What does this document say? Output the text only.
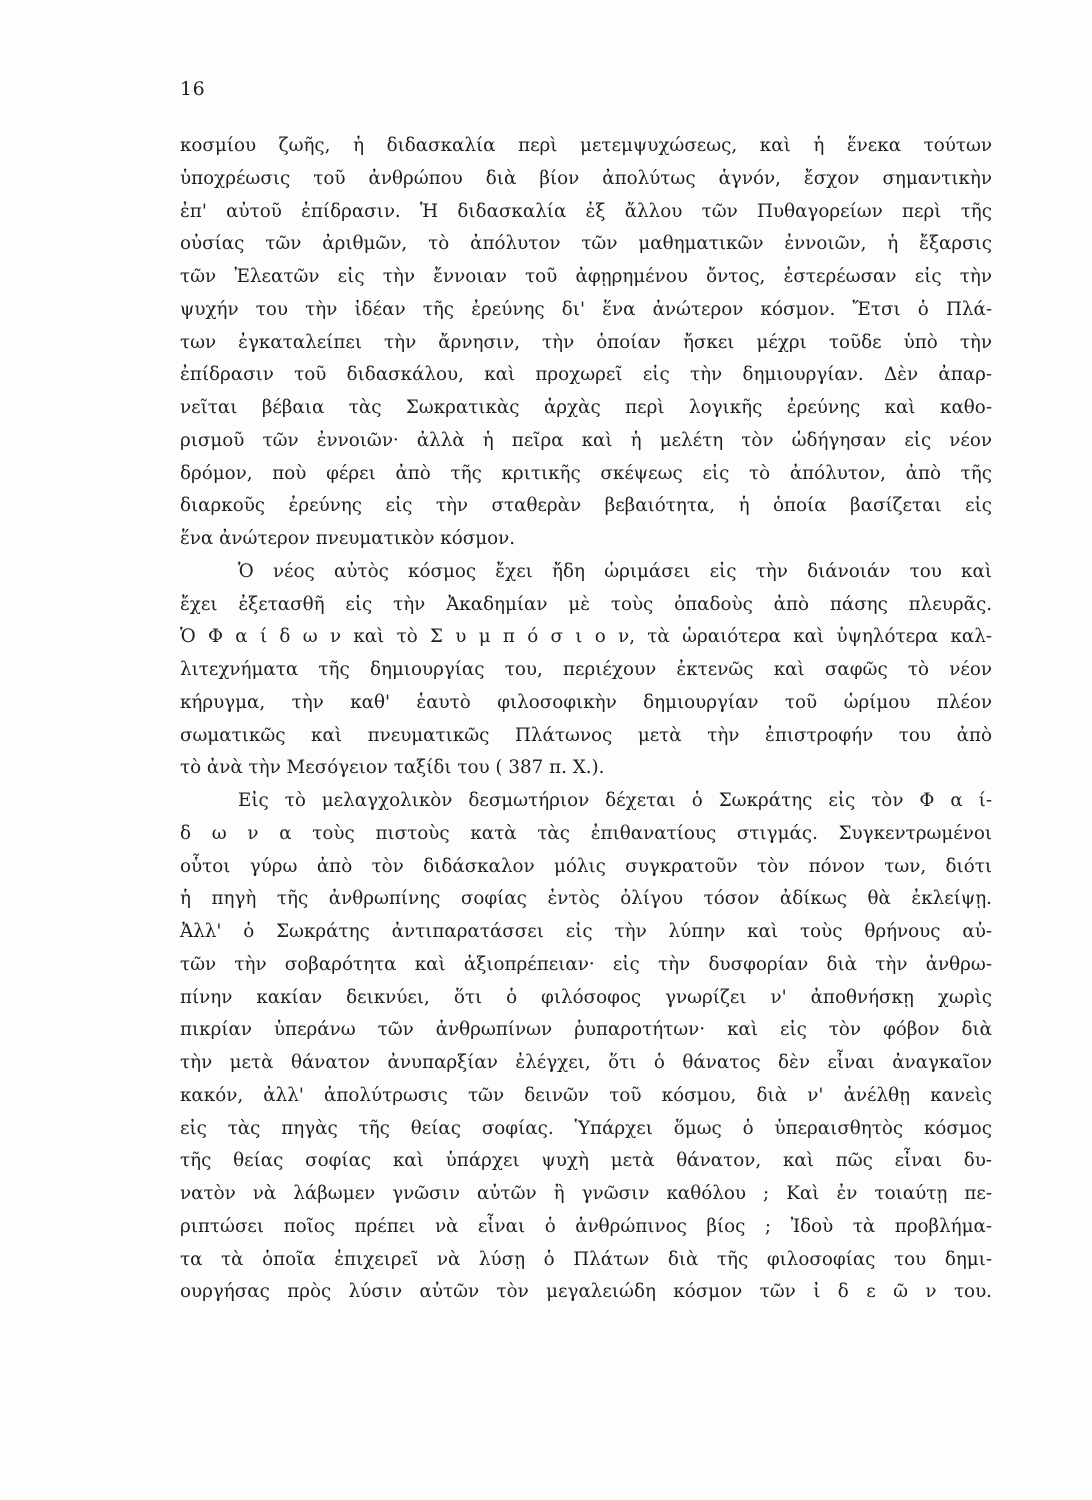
16
κοσμίου ζωῆς, ἡ διδασκαλία περὶ μετεμψυχώσεως, καὶ ἡ ἕνεκα τούτων
ὑποχρέωσις τοῦ ἀνθρώπου διὰ βίον ἀπολύτως ἁγνόν, ἔσχον σημαντικὴν
ἐπ' αὐτοῦ ἐπίδρασιν. Ἡ διδασκαλία ἐξ ἄλλου τῶν Πυθαγορείων περὶ τῆς
οὐσίας τῶν ἀριθμῶν, τὸ ἀπόλυτον τῶν μαθηματικῶν ἐννοιῶν, ἡ ἔξαρσις
τῶν Ἐλεατῶν εἰς τὴν ἔννοιαν τοῦ ἀφῃρημένου ὄντος, ἐστερέωσαν εἰς τὴν
ψυχήν του τὴν ἰδέαν τῆς ἐρεύνης δι' ἕνα ἀνώτερον κόσμον. Ἔτσι ὁ Πλά-
των ἐγκαταλείπει τὴν ἄρνησιν, τὴν ὁποίαν ἤσκει μέχρι τοῦδε ὑπὸ τὴν
ἐπίδρασιν τοῦ διδασκάλου, καὶ προχωρεῖ εἰς τὴν δημιουργίαν. Δὲν ἀπαρ-
νεῖται βέβαια τὰς Σωκρατικὰς ἀρχὰς περὶ λογικῆς ἐρεύνης καὶ καθο-
ρισμοῦ τῶν ἐννοιῶν· ἀλλὰ ἡ πεῖρα καὶ ἡ μελέτη τὸν ὡδήγησαν εἰς νέον
δρόμον, ποὺ φέρει ἀπὸ τῆς κριτικῆς σκέψεως εἰς τὸ ἀπόλυτον, ἀπὸ τῆς
διαρκοῦς ἐρεύνης εἰς τὴν σταθερὰν βεβαιότητα, ἡ ὁποία βασίζεται εἰς
ἕνα ἀνώτερον πνευματικὸν κόσμον.
Ὁ νέος αὐτὸς κόσμος ἔχει ἤδη ὡριμάσει εἰς τὴν διάνοιάν του καὶ
ἔχει ἐξετασθῆ εἰς τὴν Ἀκαδημίαν μὲ τοὺς ὀπαδοὺς ἀπὸ πάσης πλευρᾶς.
Ὁ Φ α ί δ ω ν καὶ τὸ Σ υ μ π ό σ ι ο ν, τὰ ὡραιότερα καὶ ὑψηλότερα καλ-
λιτεχνήματα τῆς δημιουργίας του, περιέχουν ἐκτενῶς καὶ σαφῶς τὸ νέον
κήρυγμα, τὴν καθ' ἑαυτὸ φιλοσοφικὴν δημιουργίαν τοῦ ὡρίμου πλέον
σωματικῶς καὶ πνευματικῶς Πλάτωνος μετὰ τὴν ἐπιστροφήν του ἀπὸ
τὸ ἀνὰ τὴν Μεσόγειον ταξίδι του ( 387 π. Χ.).
Εἰς τὸ μελαγχολικὸν δεσμωτήριον δέχεται ὁ Σωκράτης εἰς τὸν Φ α ί-
δ ω ν α τοὺς πιστοὺς κατὰ τὰς ἐπιθανατίους στιγμάς. Συγκεντρωμένοι
οὗτοι γύρω ἀπὸ τὸν διδάσκαλον μόλις συγκρατοῦν τὸν πόνον των, διότι
ἡ πηγὴ τῆς ἀνθρωπίνης σοφίας ἐντὸς ὀλίγου τόσον ἀδίκως θὰ ἐκλείψῃ.
Ἀλλ' ὁ Σωκράτης ἀντιπαρατάσσει εἰς τὴν λύπην καὶ τοὺς θρήνους αὐ-
τῶν τὴν σοβαρότητα καὶ ἀξιοπρέπειαν· εἰς τὴν δυσφορίαν διὰ τὴν ἀνθρω-
πίνην κακίαν δεικνύει, ὅτι ὁ φιλόσοφος γνωρίζει ν' ἀποθνήσκῃ χωρὶς
πικρίαν ὑπεράνω τῶν ἀνθρωπίνων ῥυπαροτήτων· καὶ εἰς τὸν φόβον διὰ
τὴν μετὰ θάνατον ἀνυπαρξίαν ἐλέγχει, ὅτι ὁ θάνατος δὲν εἶναι ἀναγκαῖον
κακόν, ἀλλ' ἀπολύτρωσις τῶν δεινῶν τοῦ κόσμου, διὰ ν' ἀνέλθῃ κανεὶς
εἰς τὰς πηγὰς τῆς θείας σοφίας. Ὑπάρχει ὅμως ὁ ὑπεραισθητὸς κόσμος
τῆς θείας σοφίας καὶ ὑπάρχει ψυχὴ μετὰ θάνατον, καὶ πῶς εἶναι δυ-
νατὸν νὰ λάβωμεν γνῶσιν αὐτῶν ἢ γνῶσιν καθόλου ; Καὶ ἐν τοιαύτῃ πε-
ριπτώσει ποῖος πρέπει νὰ εἶναι ὁ ἀνθρώπινος βίος ; Ἰδοὺ τὰ προβλήμα-
τα τὰ ὁποῖα ἐπιχειρεῖ νὰ λύσῃ ὁ Πλάτων διὰ τῆς φιλοσοφίας του δημι-
ουργήσας πρὸς λύσιν αὐτῶν τὸν μεγαλειώδη κόσμον τῶν ἰ δ ε ῶ ν του.
